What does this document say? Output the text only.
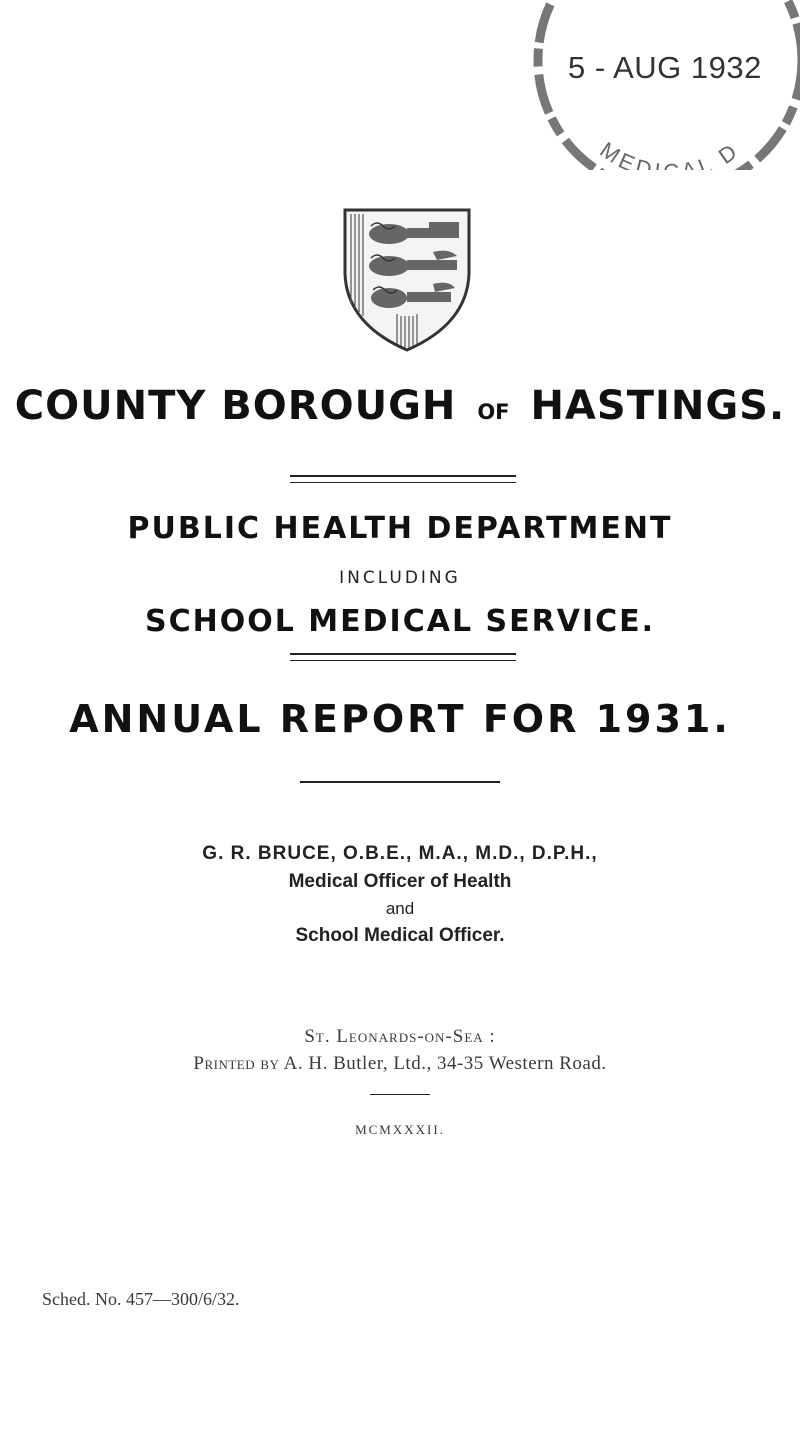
MED AL D
5 - AUG 1932
COUNTY BOROUGH OF HASTINGS.
PUBLIC HEALTH DEPARTMENT
INCLUDING
SCHOOL MEDICAL SERVICE.
ANNUAL REPORT FOR 1931.
G. R. BRUCE, O.B.E., M.A., M.D., D.P.H.,
Medical Officer of Health
and
School Medical Officer.
St. Leonards-on-Sea :
Printed by A. H. Butler, Ltd., 34-35 Western Road.
MCMXXXII.
Sched. No. 457—300/6/32.
